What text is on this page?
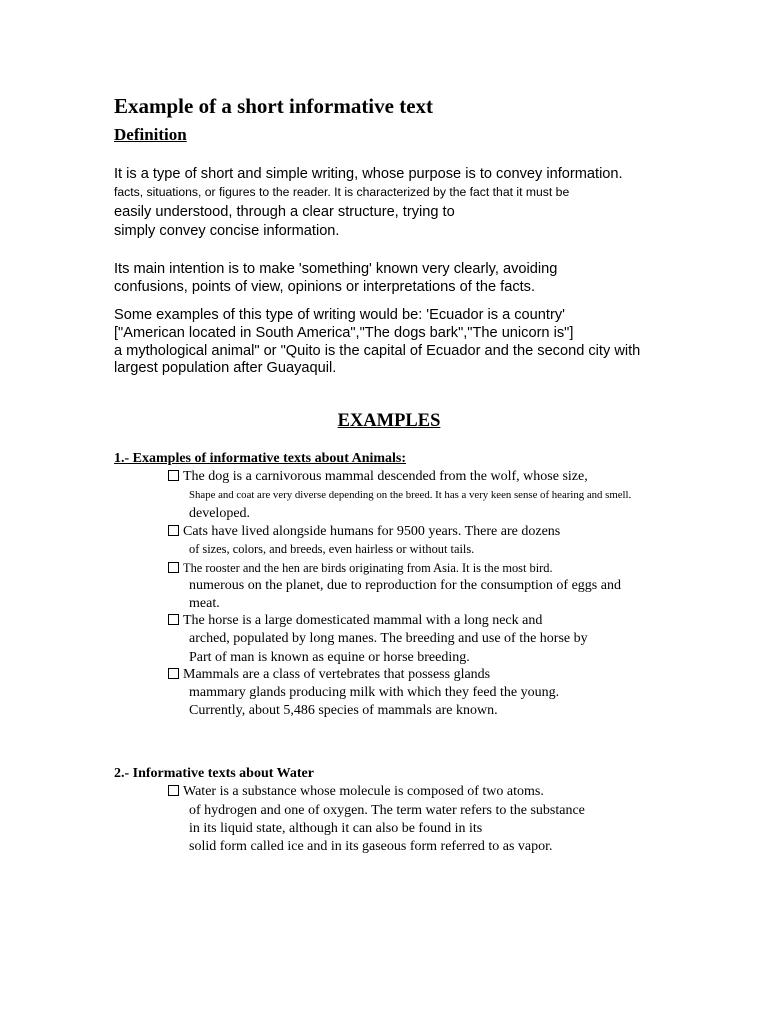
Example of a short informative text
Definition
It is a type of short and simple writing, whose purpose is to convey information.
facts, situations, or figures to the reader. It is characterized by the fact that it must be
easily understood, through a clear structure, trying to
simply convey concise information.
Its main intention is to make 'something' known very clearly, avoiding
confusions, points of view, opinions or interpretations of the facts.
Some examples of this type of writing would be: 'Ecuador is a country'
["American located in South America","The dogs bark","The unicorn is"]
a mythological animal" or "Quito is the capital of Ecuador and the second city with
largest population after Guayaquil.
EXAMPLES
1.- Examples of informative texts about Animals:
The dog is a carnivorous mammal descended from the wolf, whose size,
Shape and coat are very diverse depending on the breed. It has a very keen sense of hearing and smell.
developed.
Cats have lived alongside humans for 9500 years. There are dozens
of sizes, colors, and breeds, even hairless or without tails.
The rooster and the hen are birds originating from Asia. It is the most bird.
numerous on the planet, due to reproduction for the consumption of eggs and
meat.
The horse is a large domesticated mammal with a long neck and
arched, populated by long manes. The breeding and use of the horse by
Part of man is known as equine or horse breeding.
Mammals are a class of vertebrates that possess glands
mammary glands producing milk with which they feed the young.
Currently, about 5,486 species of mammals are known.
2.- Informative texts about Water
Water is a substance whose molecule is composed of two atoms.
of hydrogen and one of oxygen. The term water refers to the substance
in its liquid state, although it can also be found in its
solid form called ice and in its gaseous form referred to as vapor.
